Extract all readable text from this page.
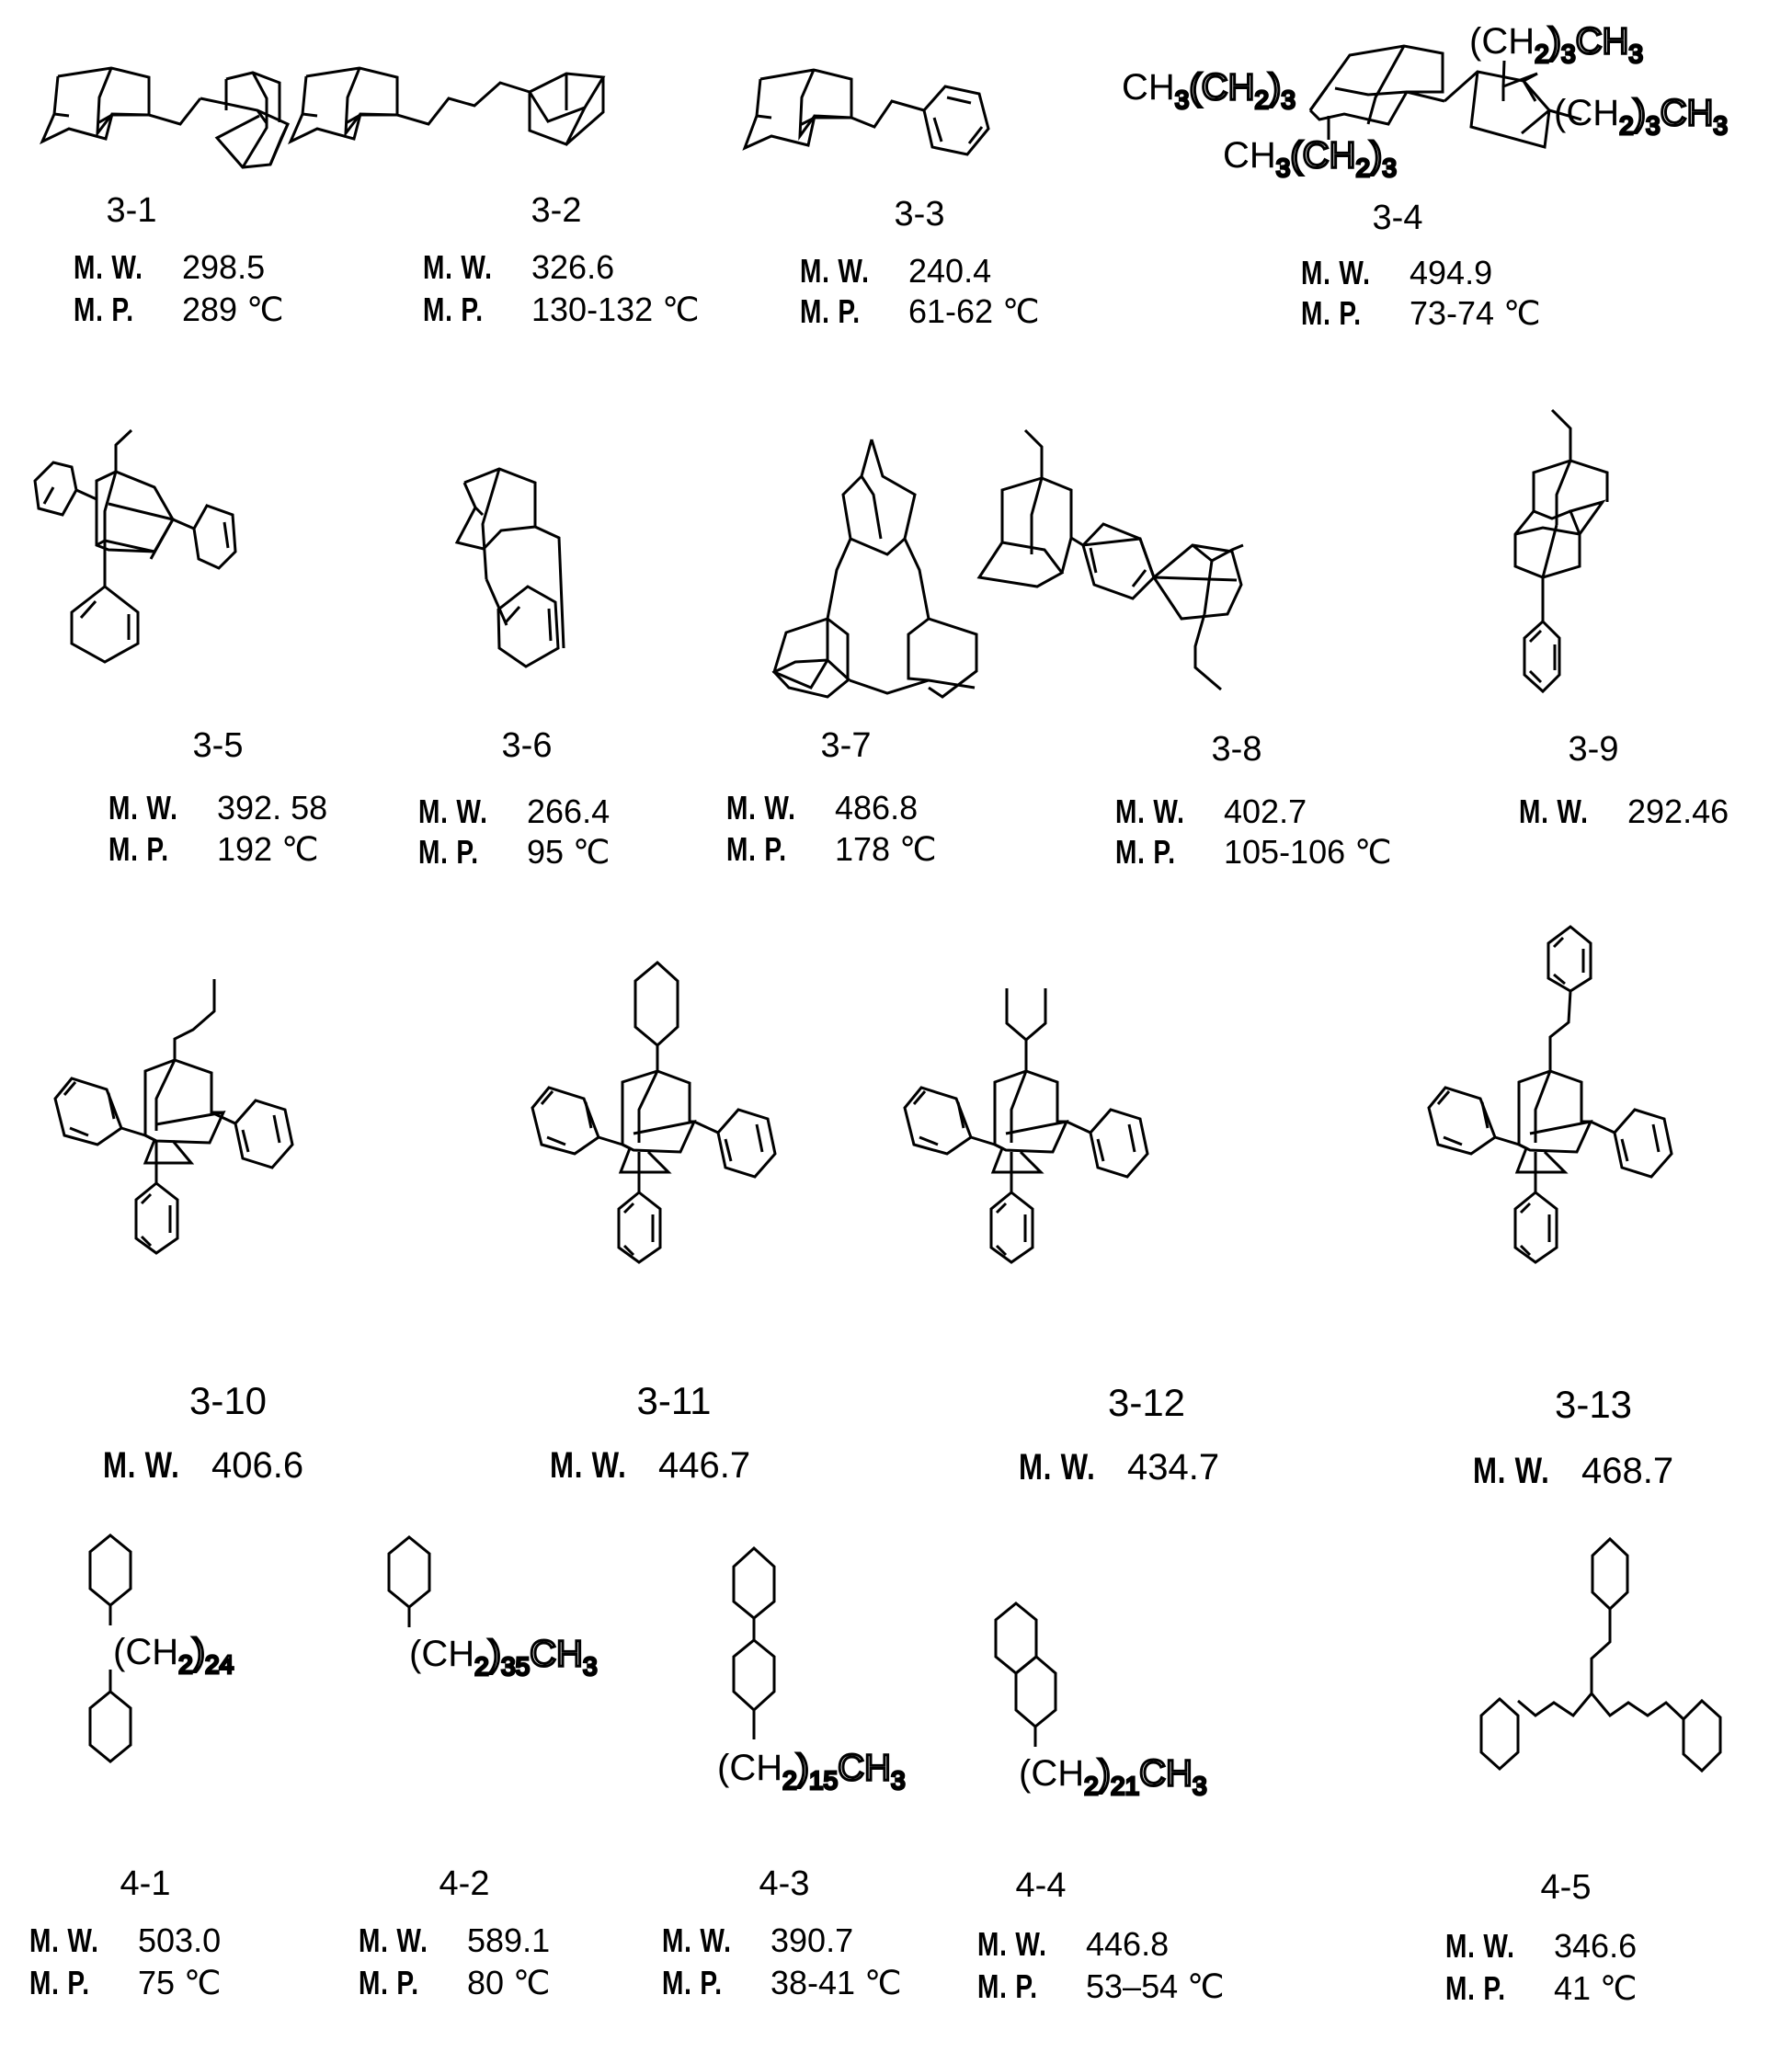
3-1
M. W. 298.5
M. P. 289 ℃
3-2
M. W. 326.6
M. P. 130-132 ℃
3-3
M. W. 240.4
M. P. 61-62 ℃
$CH_3(CH_2)_3$
$CH_3(CH_2)_3$
$(CH_2)_3CH_3$
$(CH_2)_3CH_3$
3-4
M. W. 494.9
M. P. 73-74 ℃
3-5
M. W. 392. 58
M. P. 192 ℃
3-6
M. W. 266.4
M. P. 95 ℃
3-7
M. W. 486.8
M. P. 178 ℃
3-8
M. W. 402.7
M. P. 105-106 ℃
3-9
M. W. 292.46
3-10
M. W. 406.6
3-11
M. W. 446.7
3-12
M. W. 434.7
3-13
M. W. 468.7
$(CH_2)_{24}$
4-1
M. W. 503.0
M. P. 75 ℃
$(CH_2)_{35}CH_3$
4-2
M. W. 589.1
M. P. 80 ℃
$(CH_2)_{15}CH_3$
4-3
M. W. 390.7
M. P. 38-41 ℃
$(CH_2)_{21}CH_3$
4-4
M. W. 446.8
M. P. 53–54 ℃
4-5
M. W. 346.6
M. P. 41 ℃
